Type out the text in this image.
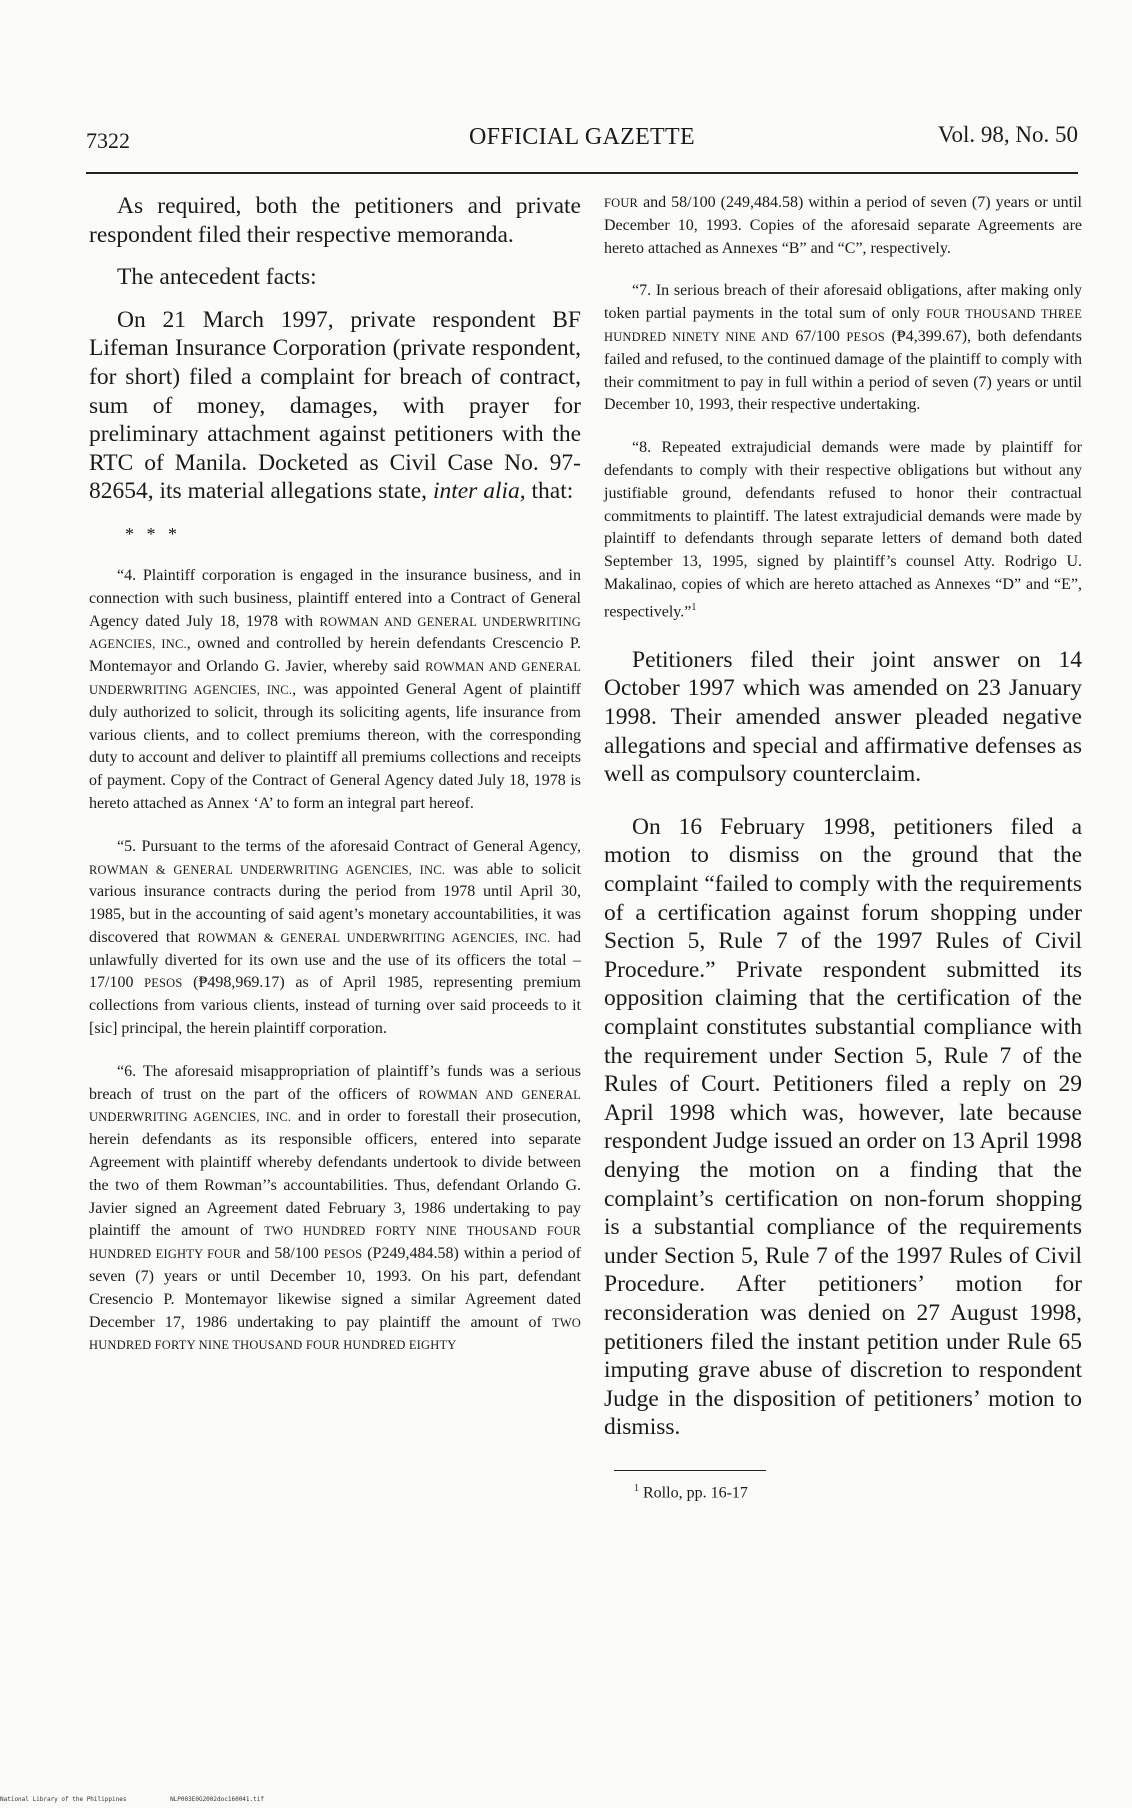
7322	OFFICIAL GAZETTE	Vol. 98, No. 50

As required, both the petitioners and private respondent filed their respective memoranda.

The antecedent facts:

On 21 March 1997, private respondent BF Lifeman Insurance Corporation (private respondent, for short) filed a complaint for breach of contract, sum of money, damages, with prayer for preliminary attachment against petitioners with the RTC of Manila. Docketed as Civil Case No. 97-82654, its material allegations state, inter alia, that:

* * *

“4. Plaintiff corporation is engaged in the insurance business, and in connection with such business, plaintiff entered into a Contract of General Agency dated July 18, 1978 with ROWMAN AND GENERAL UNDERWRITING AGENCIES, INC., owned and controlled by herein defendants Crescencio P. Montemayor and Orlando G. Javier, whereby said ROWMAN AND GENERAL UNDERWRITING AGENCIES, INC., was appointed General Agent of plaintiff duly authorized to solicit, through its soliciting agents, life insurance from various clients, and to collect premiums thereon, with the corresponding duty to account and deliver to plaintiff all premiums collections and receipts of payment. Copy of the Contract of General Agency dated July 18, 1978 is hereto attached as Annex ‘A’ to form an integral part hereof.

“5. Pursuant to the terms of the aforesaid Contract of General Agency, ROWMAN & GENERAL UNDERWRITING AGENCIES, INC. was able to solicit various insurance contracts during the period from 1978 until April 30, 1985, but in the accounting of said agent’s monetary accountabilities, it was discovered that ROWMAN & GENERAL UNDERWRITING AGENCIES, INC. had unlawfully diverted for its own use and the use of its officers the total – 17/100 PESOS (₱498,969.17) as of April 1985, representing premium collections from various clients, instead of turning over said proceeds to it [sic] principal, the herein plaintiff corporation.

“6. The aforesaid misappropriation of plaintiff’s funds was a serious breach of trust on the part of the officers of ROWMAN AND GENERAL UNDERWRITING AGENCIES, INC. and in order to forestall their prosecution, herein defendants as its responsible officers, entered into separate Agreement with plaintiff whereby defendants undertook to divide between the two of them Rowman’’s accountabilities. Thus, defendant Orlando G. Javier signed an Agreement dated February 3, 1986 undertaking to pay plaintiff the amount of TWO HUNDRED FORTY NINE THOUSAND FOUR HUNDRED EIGHTY FOUR and 58/100 PESOS (P249,484.58) within a period of seven (7) years or until December 10, 1993. On his part, defendant Cresencio P. Montemayor likewise signed a similar Agreement dated December 17, 1986 undertaking to pay plaintiff the amount of TWO HUNDRED FORTY NINE THOUSAND FOUR HUNDRED EIGHTY

FOUR and 58/100 (249,484.58) within a period of seven (7) years or until December 10, 1993. Copies of the aforesaid separate Agreements are hereto attached as Annexes “B” and “C”, respectively.

“7. In serious breach of their aforesaid obligations, after making only token partial payments in the total sum of only FOUR THOUSAND THREE HUNDRED NINETY NINE AND 67/100 PESOS (₱4,399.67), both defendants failed and refused, to the continued damage of the plaintiff to comply with their commitment to pay in full within a period of seven (7) years or until December 10, 1993, their respective undertaking.

“8. Repeated extrajudicial demands were made by plaintiff for defendants to comply with their respective obligations but without any justifiable ground, defendants refused to honor their contractual commitments to plaintiff. The latest extrajudicial demands were made by plaintiff to defendants through separate letters of demand both dated September 13, 1995, signed by plaintiff’s counsel Atty. Rodrigo U. Makalinao, copies of which are hereto attached as Annexes “D” and “E”, respectively.”$^1$

Petitioners filed their joint answer on 14 October 1997 which was amended on 23 January 1998. Their amended answer pleaded negative allegations and special and affirmative defenses as well as compulsory counterclaim.

On 16 February 1998, petitioners filed a motion to dismiss on the ground that the complaint “failed to comply with the requirements of a certification against forum shopping under Section 5, Rule 7 of the 1997 Rules of Civil Procedure.” Private respondent submitted its opposition claiming that the certification of the complaint constitutes substantial compliance with the requirement under Section 5, Rule 7 of the Rules of Court. Petitioners filed a reply on 29 April 1998 which was, however, late because respondent Judge issued an order on 13 April 1998 denying the motion on a finding that the complaint’s certification on non-forum shopping is a substantial compliance of the requirements under Section 5, Rule 7 of the 1997 Rules of Civil Procedure. After petitioners’ motion for reconsideration was denied on 27 August 1998, petitioners filed the instant petition under Rule 65 imputing grave abuse of discretion to respondent Judge in the disposition of petitioners’ motion to dismiss.

$^1$ Rollo, pp. 16-17

National Library of the Philippines	NLP003E0G2002doc160041.tif
